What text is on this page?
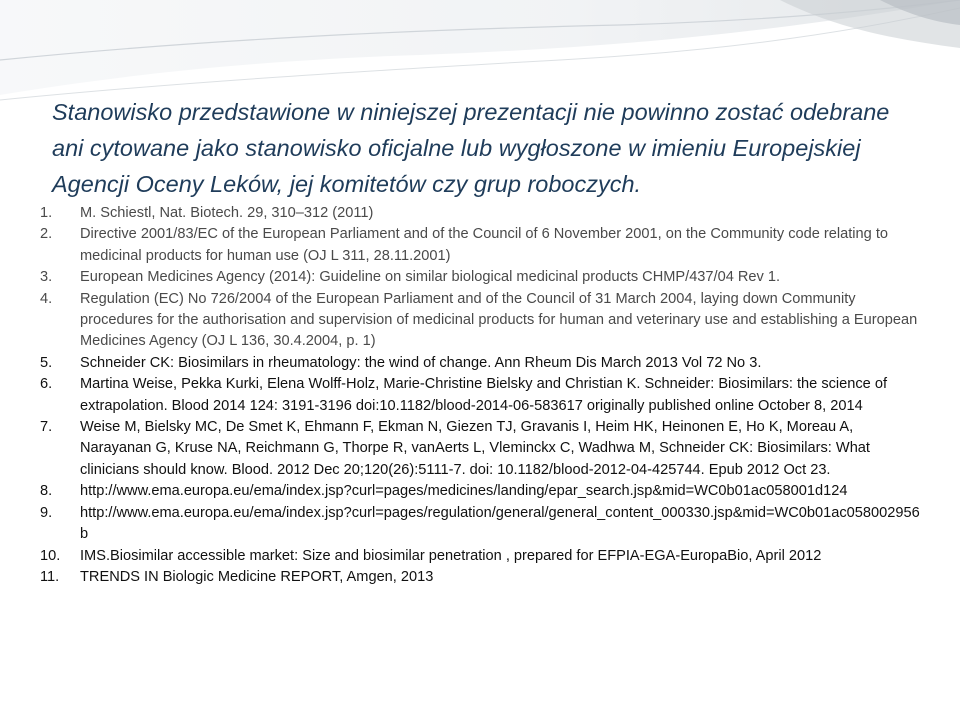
Stanowisko przedstawione w niniejszej prezentacji nie powinno zostać odebrane
ani cytowane jako stanowisko oficjalne lub wygłoszone w imieniu Europejskiej
Agencji Oceny Leków, jej komitetów czy grup roboczych.

1.	M. Schiestl, Nat. Biotech. 29, 310–312 (2011)
2.	Directive 2001/83/EC of the European Parliament and of the Council of 6 November 2001, on the Community code relating to medicinal products for human use (OJ L 311, 28.11.2001)
3.	European Medicines Agency (2014): Guideline on similar biological medicinal products CHMP/437/04 Rev 1.
4.	Regulation (EC) No 726/2004 of the European Parliament and of the Council of 31 March 2004, laying down Community procedures for the authorisation and supervision of medicinal products for human and veterinary use and establishing a European Medicines Agency (OJ L 136, 30.4.2004, p. 1)
5.	Schneider CK: Biosimilars in rheumatology: the wind of change. Ann Rheum Dis March 2013 Vol 72 No 3.
6.	Martina Weise, Pekka Kurki, Elena Wolff-Holz, Marie-Christine Bielsky and Christian K. Schneider: Biosimilars: the science of extrapolation. Blood 2014 124: 3191-3196 doi:10.1182/blood-2014-06-583617 originally published online October 8, 2014
7.	Weise M, Bielsky MC, De Smet K, Ehmann F, Ekman N, Giezen TJ, Gravanis I, Heim HK, Heinonen E, Ho K, Moreau A, Narayanan G, Kruse NA, Reichmann G, Thorpe R, vanAerts L, Vleminckx C, Wadhwa M, Schneider CK: Biosimilars: What clinicians should know. Blood. 2012 Dec 20;120(26):5111-7. doi: 10.1182/blood-2012-04-425744. Epub 2012 Oct 23.
8.	http://www.ema.europa.eu/ema/index.jsp?curl=pages/medicines/landing/epar_search.jsp&mid=WC0b01ac058001d124
9.	http://www.ema.europa.eu/ema/index.jsp?curl=pages/regulation/general/general_content_000330.jsp&mid=WC0b01ac058002956b
10.	IMS.Biosimilar accessible market: Size and biosimilar penetration , prepared for EFPIA-EGA-EuropaBio, April 2012
11.	TRENDS IN Biologic Medicine REPORT, Amgen, 2013
